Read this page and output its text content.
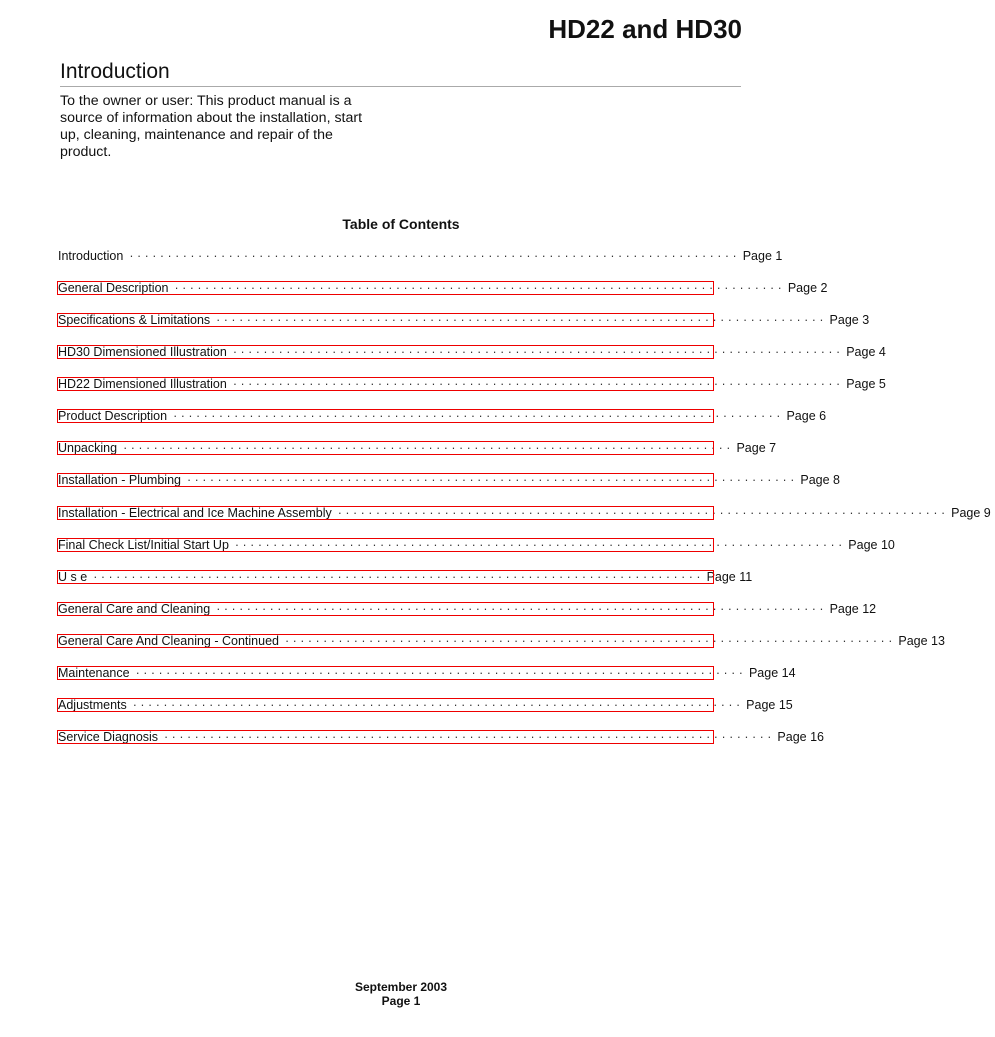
HD22 and HD30
Introduction
To the owner or user: This product manual is a source of information about the installation, start up, cleaning, maintenance and repair of the product.
Table of Contents
Introduction · · · · · · · · · · · · · · · · · · · · · · · · · · · · · · · · · · · · · · · · · · · · · · · · · · · · · · · · · · · · · · · · · · · · · · · · · · · · · · · · Page 1
General Description · · · · · · · · · · · · · · · · · · · · · · · · · · · · · · · · · · · · · · · · · · · · · · · · · · · · · · · · · · · · · · · · · · · · · · · · · · · · · · · · Page 2
Specifications & Limitations · · · · · · · · · · · · · · · · · · · · · · · · · · · · · · · · · · · · · · · · · · · · · · · · · · · · · · · · · · · · · · · · · · · · · · · · · · · · · · · · Page 3
HD30 Dimensioned Illustration · · · · · · · · · · · · · · · · · · · · · · · · · · · · · · · · · · · · · · · · · · · · · · · · · · · · · · · · · · · · · · · · · · · · · · · · · · · · · · · · Page 4
HD22 Dimensioned Illustration · · · · · · · · · · · · · · · · · · · · · · · · · · · · · · · · · · · · · · · · · · · · · · · · · · · · · · · · · · · · · · · · · · · · · · · · · · · · · · · · Page 5
Product Description · · · · · · · · · · · · · · · · · · · · · · · · · · · · · · · · · · · · · · · · · · · · · · · · · · · · · · · · · · · · · · · · · · · · · · · · · · · · · · · · Page 6
Unpacking · · · · · · · · · · · · · · · · · · · · · · · · · · · · · · · · · · · · · · · · · · · · · · · · · · · · · · · · · · · · · · · · · · · · · · · · · · · · · · · · Page 7
Installation - Plumbing · · · · · · · · · · · · · · · · · · · · · · · · · · · · · · · · · · · · · · · · · · · · · · · · · · · · · · · · · · · · · · · · · · · · · · · · · · · · · · · · Page 8
Installation - Electrical and Ice Machine Assembly · · · · · · · · · · · · · · · · · · · · · · · · · · · · · · · · · · · · · · · · · · · · · · · · · · · · · · · · · · · · · · · · · · · · · · · · · · · · · · · · Page 9
Final Check List/Initial Start Up · · · · · · · · · · · · · · · · · · · · · · · · · · · · · · · · · · · · · · · · · · · · · · · · · · · · · · · · · · · · · · · · · · · · · · · · · · · · · · · · Page 10
U s e · · · · · · · · · · · · · · · · · · · · · · · · · · · · · · · · · · · · · · · · · · · · · · · · · · · · · · · · · · · · · · · · · · · · · · · · · · · · · · · · Page 11
General Care and Cleaning · · · · · · · · · · · · · · · · · · · · · · · · · · · · · · · · · · · · · · · · · · · · · · · · · · · · · · · · · · · · · · · · · · · · · · · · · · · · · · · · Page 12
General Care And Cleaning - Continued · · · · · · · · · · · · · · · · · · · · · · · · · · · · · · · · · · · · · · · · · · · · · · · · · · · · · · · · · · · · · · · · · · · · · · · · · · · · · · · · Page 13
Maintenance · · · · · · · · · · · · · · · · · · · · · · · · · · · · · · · · · · · · · · · · · · · · · · · · · · · · · · · · · · · · · · · · · · · · · · · · · · · · · · · · Page 14
Adjustments · · · · · · · · · · · · · · · · · · · · · · · · · · · · · · · · · · · · · · · · · · · · · · · · · · · · · · · · · · · · · · · · · · · · · · · · · · · · · · · · Page 15
Service Diagnosis · · · · · · · · · · · · · · · · · · · · · · · · · · · · · · · · · · · · · · · · · · · · · · · · · · · · · · · · · · · · · · · · · · · · · · · · · · · · · · · · Page 16
September 2003
Page 1
